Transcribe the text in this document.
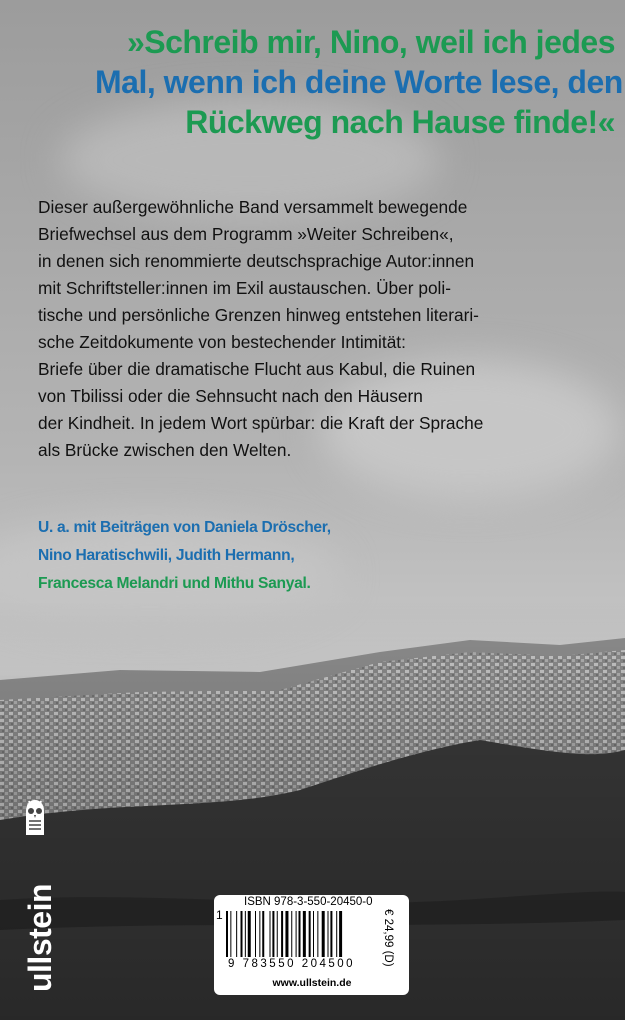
»Schreib mir, Nino, weil ich jedes
Mal, wenn ich deine Worte lese, den
Rückweg nach Hause finde!«

Dieser außergewöhnliche Band versammelt bewegende
Briefwechsel aus dem Programm »Weiter Schreiben«,
in denen sich renommierte deutschsprachige Autor:innen
mit Schriftsteller:innen im Exil austauschen. Über poli-
tische und persönliche Grenzen hinweg entstehen literari-
sche Zeitdokumente von bestechender Intimität:
Briefe über die dramatische Flucht aus Kabul, die Ruinen
von Tbilissi oder die Sehnsucht nach den Häusern
der Kindheit. In jedem Wort spürbar: die Kraft der Sprache
als Brücke zwischen den Welten.

U. a. mit Beiträgen von Daniela Dröscher,
Nino Haratischwili, Judith Hermann,
Francesca Melandri und Mithu Sanyal.
ullstein	ISBN 978-3-550-20450-0
1
9 783550 204500 € 24,99 (D)
www.ullstein.de
